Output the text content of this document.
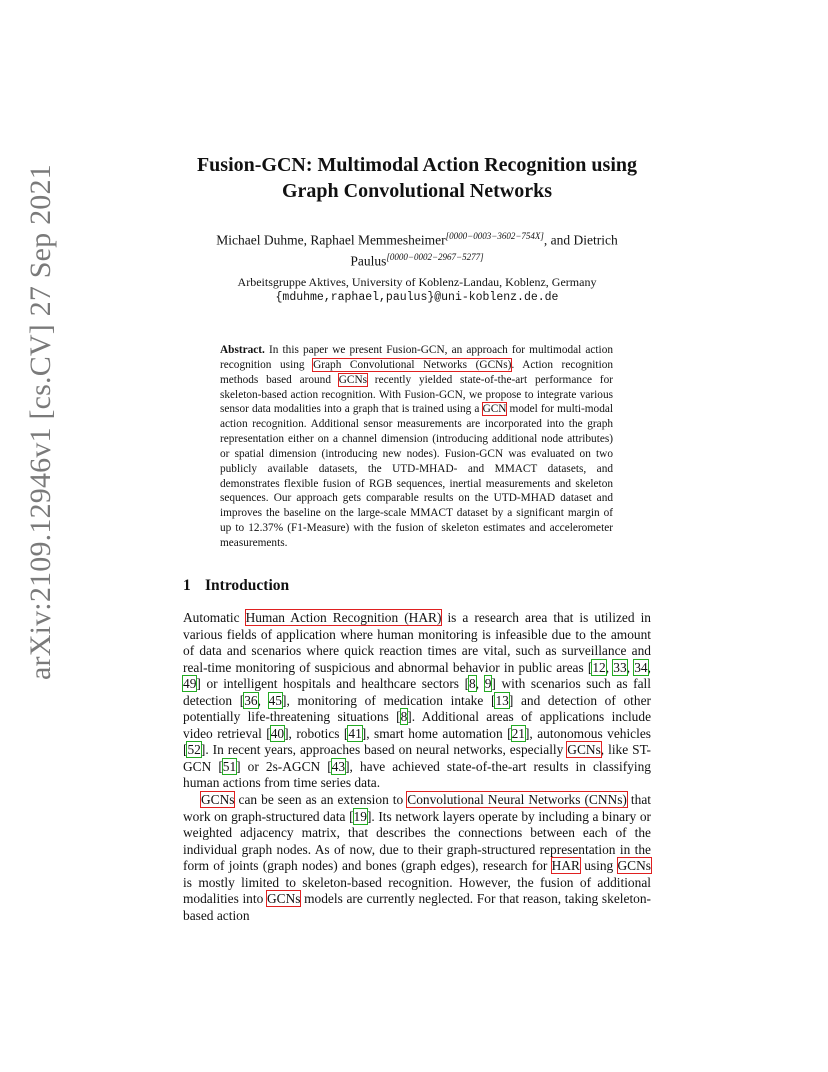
arXiv:2109.12946v1 [cs.CV] 27 Sep 2021	Fusion-GCN: Multimodal Action Recognition using
Graph Convolutional Networks
Michael Duhme, Raphael Memmesheimer[0000−0003−3602−754X], and Dietrich
Paulus[0000−0002−2967−5277]
Arbeitsgruppe Aktives, University of Koblenz-Landau, Koblenz, Germany
{mduhme,raphael,paulus}@uni-koblenz.de.de
Abstract. In this paper we present Fusion-GCN, an approach for multimodal action recognition using Graph Convolutional Networks (GCNs). Action recognition methods based around GCNs recently yielded state-of-the-art performance for skeleton-based action recognition. With Fusion-GCN, we propose to integrate various sensor data modalities into a graph that is trained using a GCN model for multi-modal action recognition. Additional sensor measurements are incorporated into the graph representation either on a channel dimension (introducing additional node attributes) or spatial dimension (introducing new nodes). Fusion-GCN was evaluated on two publicly available datasets, the UTD-MHAD- and MMACT datasets, and demonstrates flexible fusion of RGB sequences, inertial measurements and skeleton sequences. Our approach gets comparable results on the UTD-MHAD dataset and improves the baseline on the large-scale MMACT dataset by a significant margin of up to 12.37% (F1-Measure) with the fusion of skeleton estimates and accelerometer measurements.
1 Introduction

Automatic Human Action Recognition (HAR) is a research area that is utilized in various fields of application where human monitoring is infeasible due to the amount of data and scenarios where quick reaction times are vital, such as surveillance and real-time monitoring of suspicious and abnormal behavior in public areas [12, 33, 34, 49] or intelligent hospitals and healthcare sectors [8, 9] with scenarios such as fall detection [36, 45], monitoring of medication intake [13] and detection of other potentially life-threatening situations [8]. Additional areas of applications include video retrieval [40], robotics [41], smart home automation [21], autonomous vehicles [52]. In recent years, approaches based on neural networks, especially GCNs, like ST-GCN [51] or 2s-AGCN [43], have achieved state-of-the-art results in classifying human actions from time series data.

GCNs can be seen as an extension to Convolutional Neural Networks (CNNs) that work on graph-structured data [19]. Its network layers operate by including a binary or weighted adjacency matrix, that describes the connections between each of the individual graph nodes. As of now, due to their graph-structured representation in the form of joints (graph nodes) and bones (graph edges), research for HAR using GCNs is mostly limited to skeleton-based recognition. However, the fusion of additional modalities into GCNs models are currently neglected. For that reason, taking skeleton-based action
